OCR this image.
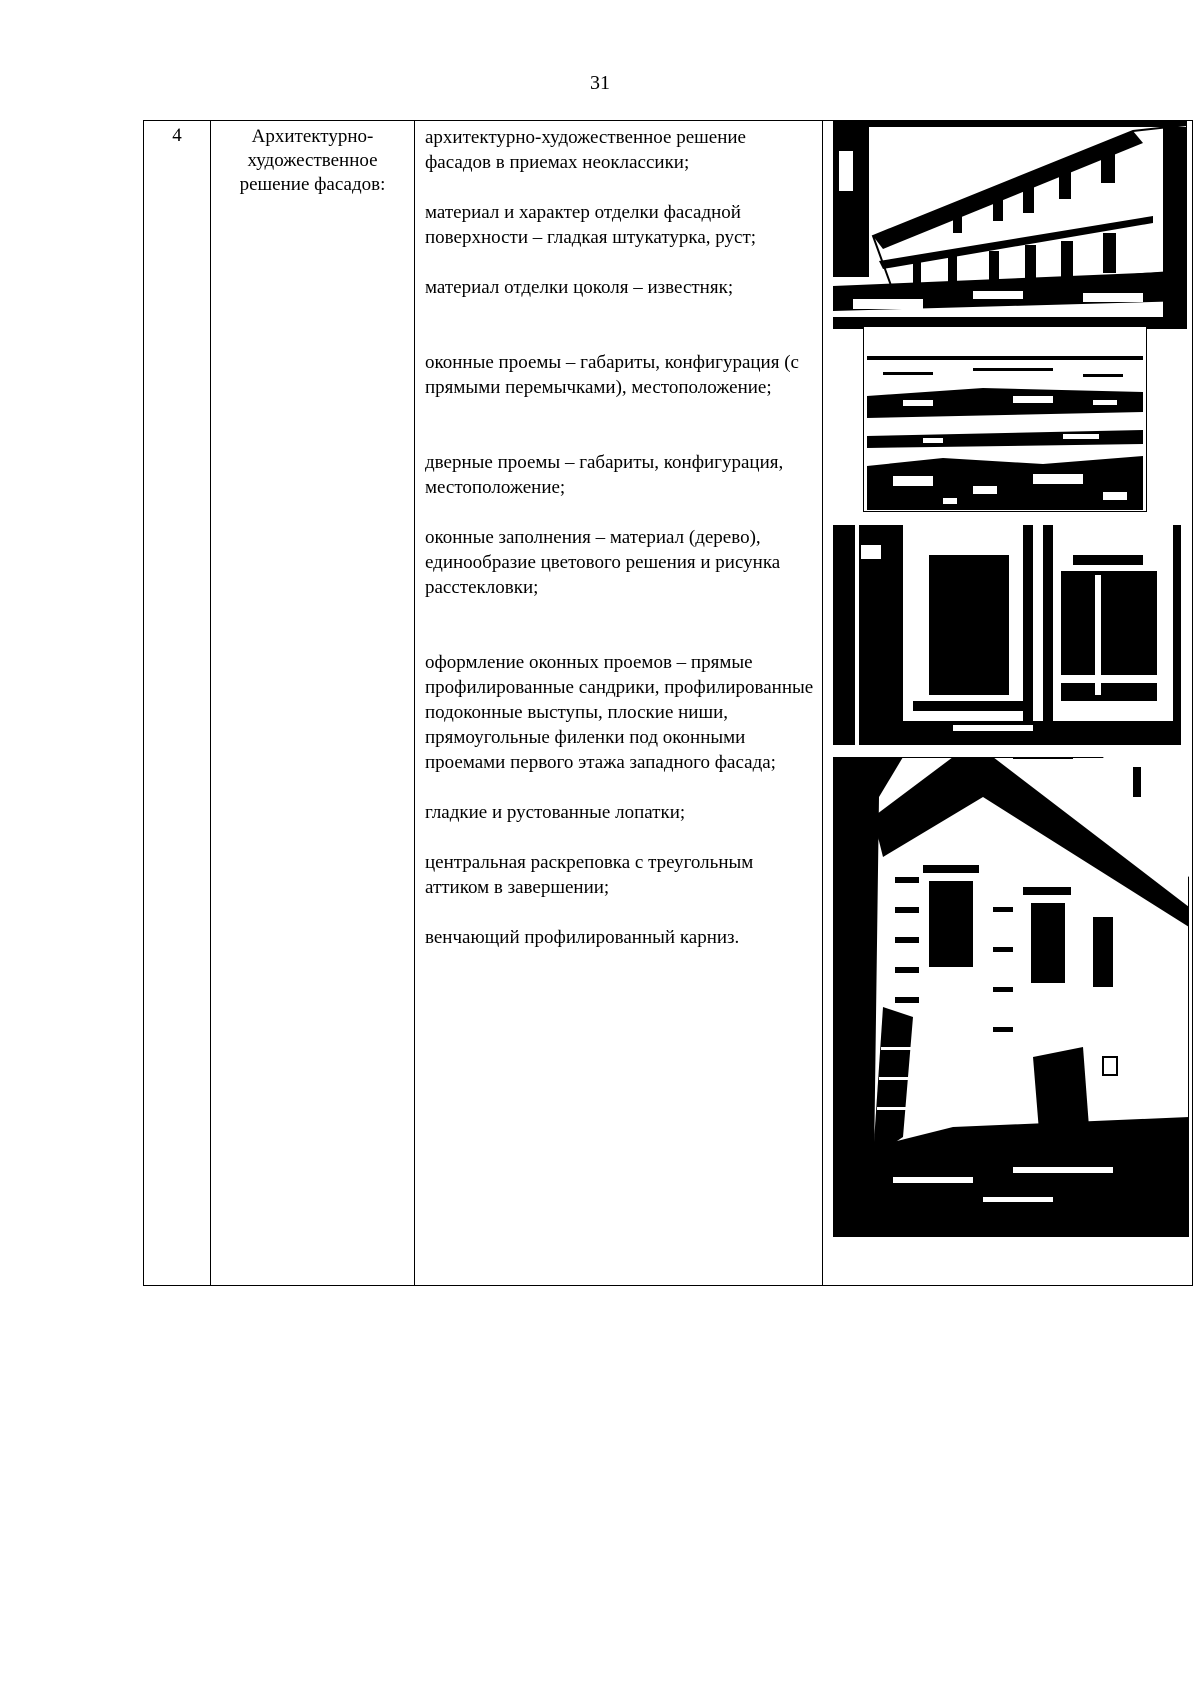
31
4	Архитектурно-
художественное
решение фасадов:

архитектурно-художественное решение фасадов в приемах неоклассики;

материал и характер отделки фасадной поверхности – гладкая штукатурка, руст;

материал отделки цоколя – известняк;

оконные проемы – габариты, конфигурация (с прямыми перемычками), местоположение;

дверные проемы – габариты, конфигурация, местоположение;

оконные заполнения – материал (дерево), единообразие цветового решения и рисунка расстекловки;

оформление оконных проемов – прямые профилированные сандрики, профилированные подоконные выступы, плоские ниши, прямоугольные филенки под оконными проемами первого этажа западного фасада;

гладкие и рустованные лопатки;

центральная раскреповка с треугольным аттиком в завершении;

венчающий профилированный карниз.
